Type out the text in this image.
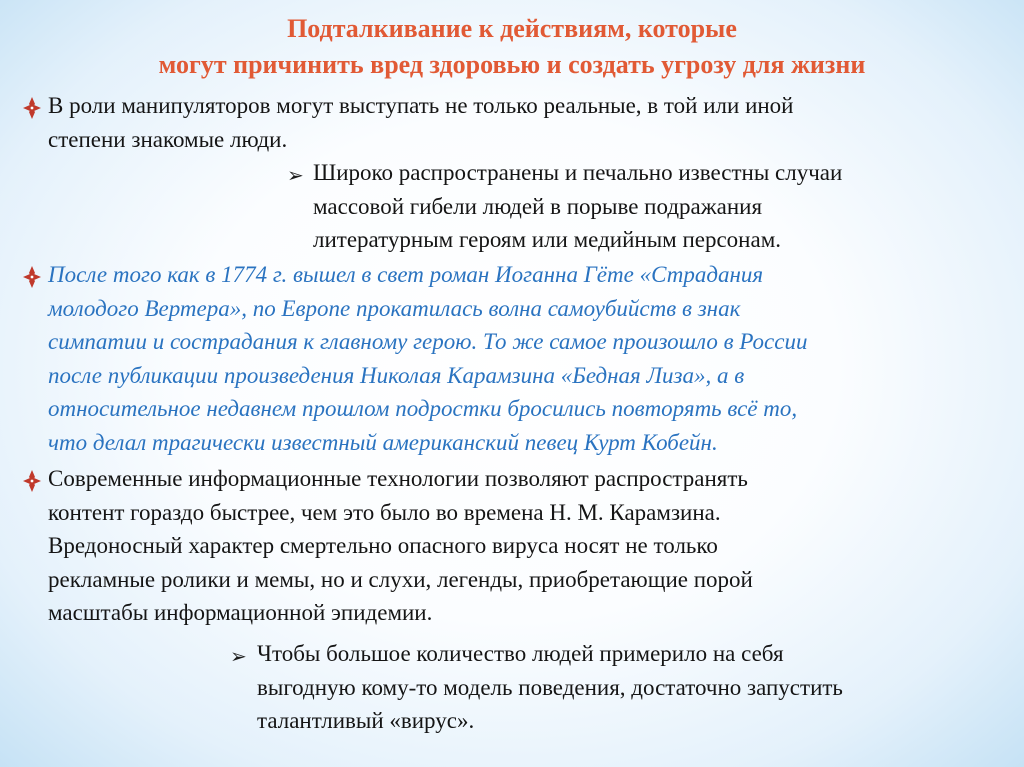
Подталкивание к действиям, которые
могут причинить вред здоровью и создать угрозу для жизни
В роли манипуляторов могут выступать не только реальные, в той или иной
степени знакомые люди.
➢ Широко распространены и печально известны случаи
массовой гибели людей в порыве подражания
литературным героям или медийным персонам.
После того как в 1774 г. вышел в свет роман Иоганна Гёте «Страдания
молодого Вертера», по Европе прокатилась волна самоубийств в знак
симпатии и сострадания к главному герою. То же самое произошло в России
после публикации произведения Николая Карамзина «Бедная Лиза», а в
относительное недавнем прошлом подростки бросились повторять всё то,
что делал трагически известный американский певец Курт Кобейн.
Современные информационные технологии позволяют распространять
контент гораздо быстрее, чем это было во времена Н. М. Карамзина.
Вредоносный характер смертельно опасного вируса носят не только
рекламные ролики и мемы, но и слухи, легенды, приобретающие порой
масштабы информационной эпидемии.
➢ Чтобы большое количество людей примерило на себя
выгодную кому-то модель поведения, достаточно запустить
талантливый «вирус».
